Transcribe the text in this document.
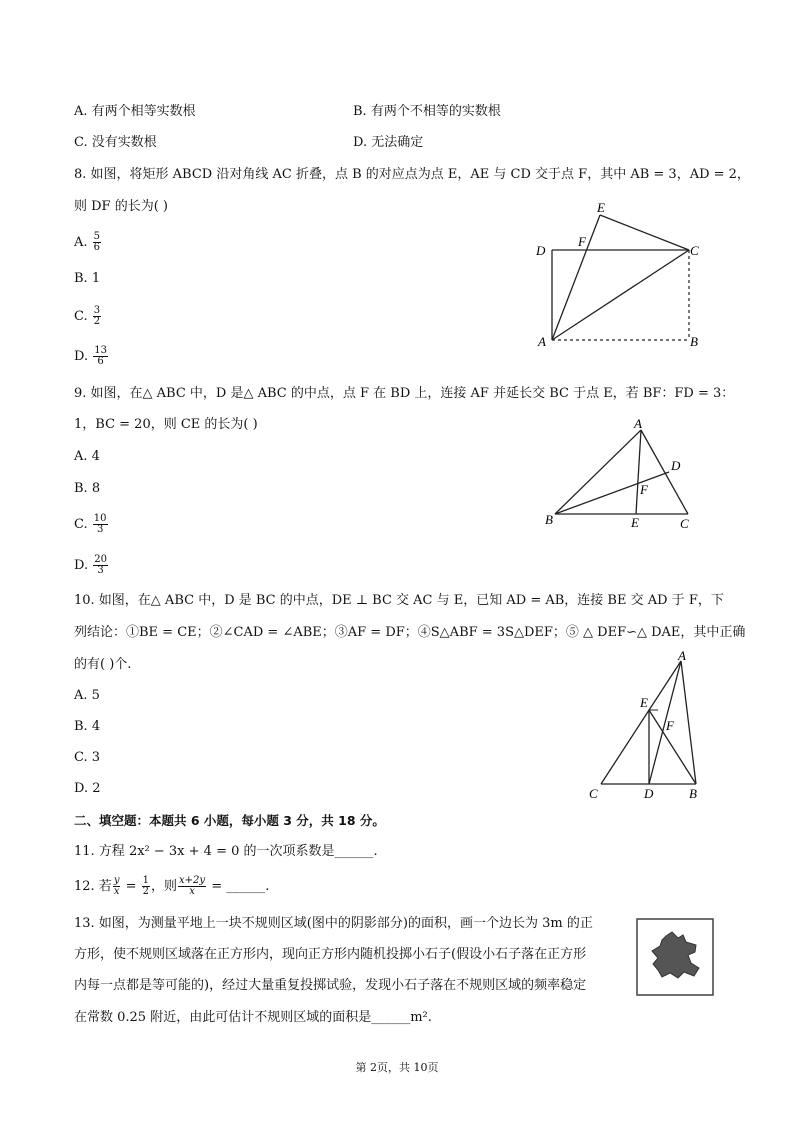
A. 有两个相等实数根	B. 有两个不相等的实数根
C. 没有实数根	D. 无法确定
8. 如图，将矩形 ABCD 沿对角线 AC 折叠，点 B 的对应点为点 E，AE 与 CD 交于点 F，其中 AB = 3，AD = 2，
则 DF 的长为( )
A. $\frac{5}{6}$
B. 1
C. $\frac{3}{2}$
D. $\frac{13}{6}$
E
F
D	C
A	B
9. 如图，在△ ABC 中，D 是△ ABC 的中点，点 F 在 BD 上，连接 AF 并延长交 BC 于点 E，若 BF：FD = 3：
1，BC = 20，则 CE 的长为( )
A. 4
B. 8
C. $\frac{10}{3}$
D. $\frac{20}{3}$
A
D
F
B	E	C
10. 如图，在△ ABC 中，D 是 BC 的中点，DE ⊥ BC 交 AC 与 E，已知 AD = AB，连接 BE 交 AD 于 F，下
列结论：①BE = CE；②∠CAD = ∠ABE；③AF = DF；④S△ABF = 3S△DEF；⑤ △ DEF∽△ DAE，其中正确
的有( )个.
A. 5
B. 4
C. 3
D. 2
A
E
F
C	D	B
二、填空题：本题共 6 小题，每小题 3 分，共 18 分。
11. 方程 2x² − 3x + 4 = 0 的一次项系数是______.
12. 若 $\frac{y}{x} = \frac{1}{2}$ ，则 $\frac{x+2y}{x}$ = ______.
13. 如图，为测量平地上一块不规则区域(图中的阴影部分)的面积，画一个边长为 3m 的正
方形，使不规则区域落在正方形内，现向正方形内随机投掷小石子(假设小石子落在正方形
内每一点都是等可能的)，经过大量重复投掷试验，发现小石子落在不规则区域的频率稳定
在常数 0.25 附近，由此可估计不规则区域的面积是______m².
第 2页，共 10页
